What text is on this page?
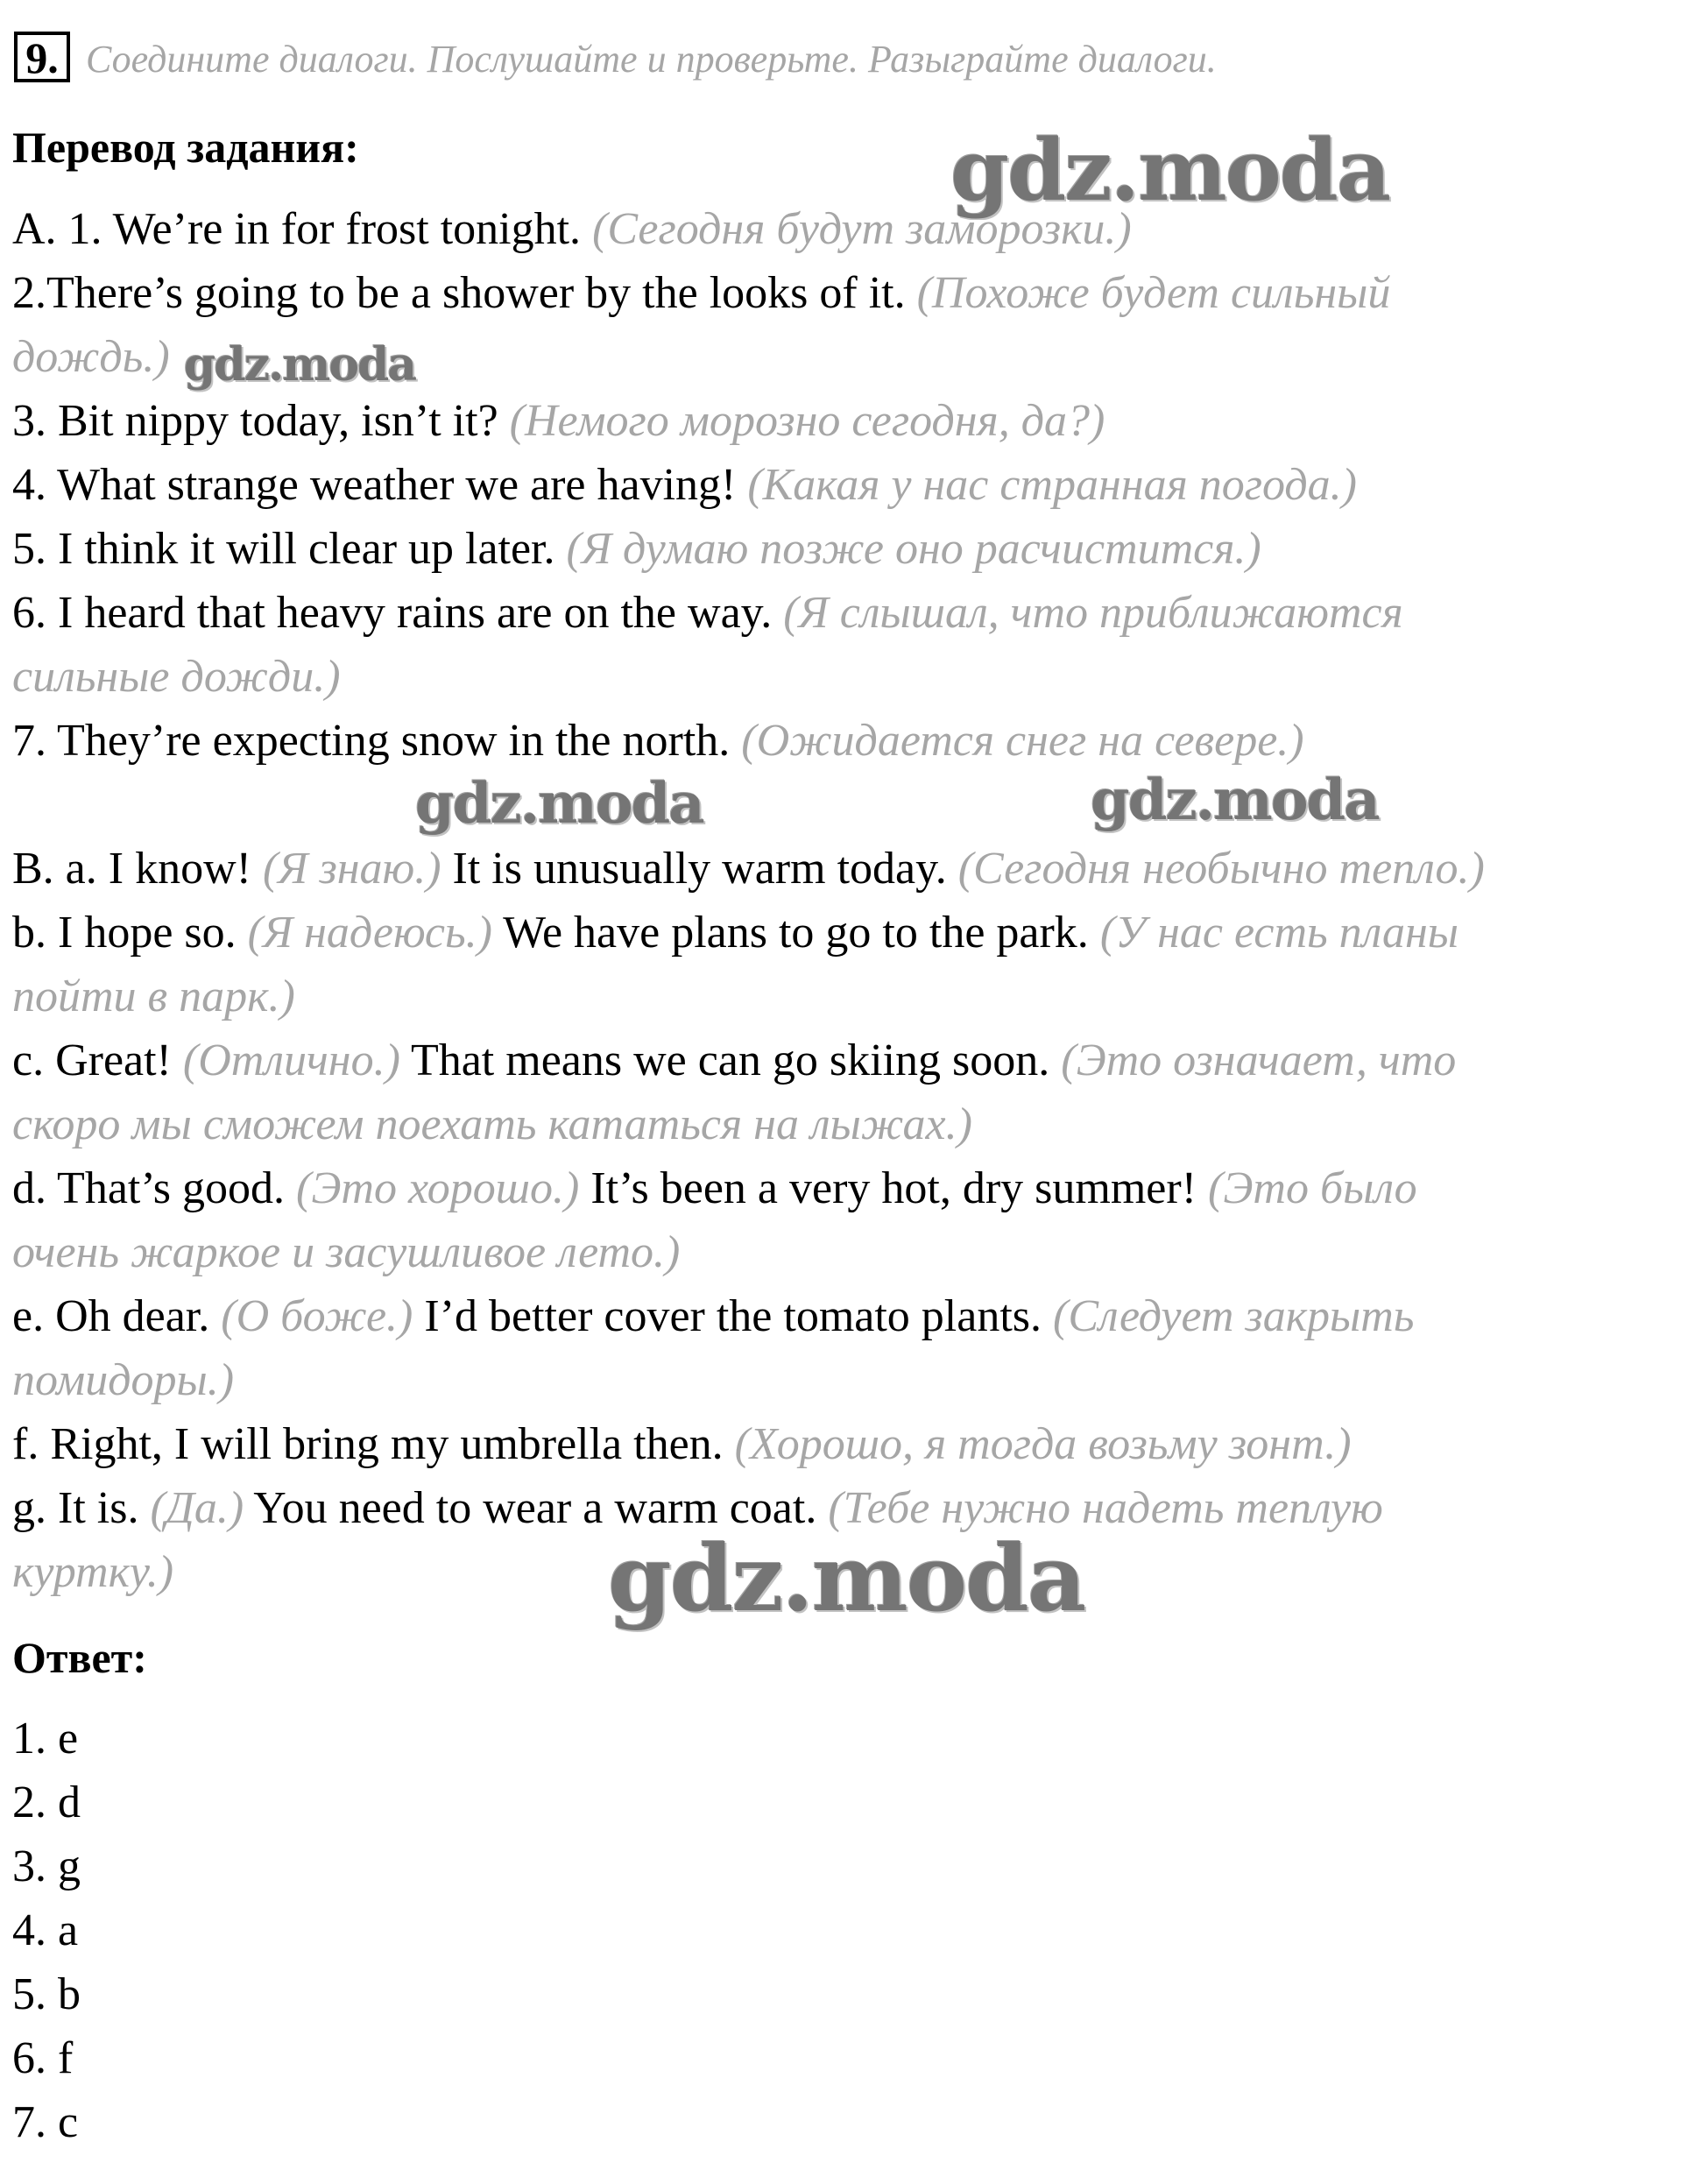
9. Соедините диалоги. Послушайте и проверьте. Разыграйте диалоги.
Перевод задания:
A. 1. We’re in for frost tonight. (Сегодня будут заморозки.)
2.There’s going to be a shower by the looks of it. (Похоже будет сильный
дождь.)
3. Bit nippy today, isn’t it? (Немого морозно сегодня, да?)
4. What strange weather we are having! (Какая у нас странная погода.)
5. I think it will clear up later. (Я думаю позже оно расчистится.)
6. I heard that heavy rains are on the way. (Я слышал, что приближаются
сильные дожди.)
7. They’re expecting snow in the north. (Ожидается снег на севере.)
B. a. I know! (Я знаю.) It is unusually warm today. (Сегодня необычно тепло.)
b. I hope so. (Я надеюсь.) We have plans to go to the park. (У нас есть планы
пойти в парк.)
c. Great! (Отлично.) That means we can go skiing soon. (Это означает, что
скоро мы сможем поехать кататься на лыжах.)
d. That’s good. (Это хорошо.) It’s been a very hot, dry summer! (Это было
очень жаркое и засушливое лето.)
e. Oh dear. (О боже.) I’d better cover the tomato plants. (Следует закрыть
помидоры.)
f. Right, I will bring my umbrella then. (Хорошо, я тогда возьму зонт.)
g. It is. (Да.) You need to wear a warm coat. (Тебе нужно надеть теплую
куртку.)
Ответ:
1. e
2. d
3. g
4. a
5. b
6. f
7. c
gdz.moda
gdz.moda
gdz.moda	gdz.moda
gdz.moda
